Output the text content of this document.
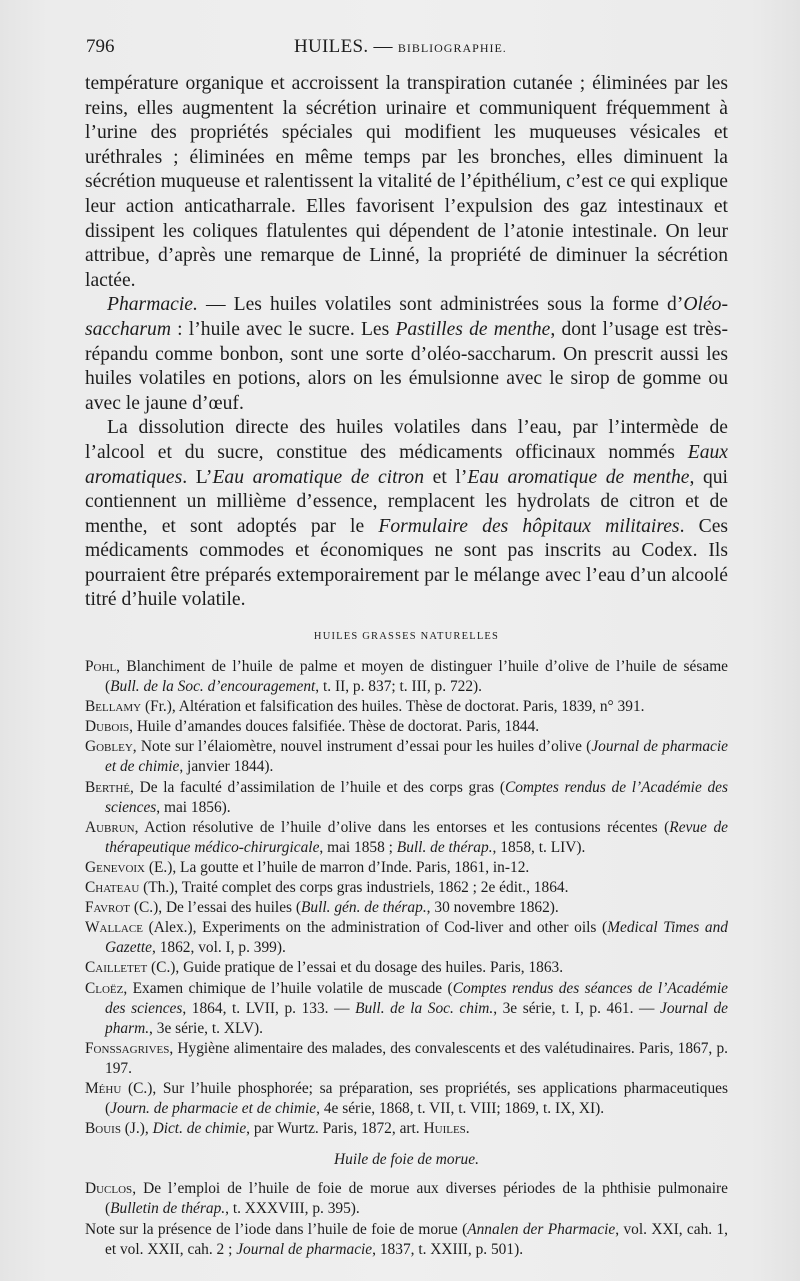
796	HUILES. — BIBLIOGRAPHIE.

température organique et accroissent la transpiration cutanée ; éliminées par les reins, elles augmentent la sécrétion urinaire et communiquent fréquemment à l’urine des propriétés spéciales qui modifient les muqueuses vésicales et uréthrales ; éliminées en même temps par les bronches, elles diminuent la sécrétion muqueuse et ralentissent la vitalité de l’épithélium, c’est ce qui explique leur action anticatharrale. Elles favorisent l’expulsion des gaz intestinaux et dissipent les coliques flatulentes qui dépendent de l’atonie intestinale. On leur attribue, d’après une remarque de Linné, la propriété de diminuer la sécrétion lactée.

Pharmacie. — Les huiles volatiles sont administrées sous la forme d’Oléo-saccharum : l’huile avec le sucre. Les Pastilles de menthe, dont l’usage est très-répandu comme bonbon, sont une sorte d’oléo-saccharum. On prescrit aussi les huiles volatiles en potions, alors on les émulsionne avec le sirop de gomme ou avec le jaune d’œuf.

La dissolution directe des huiles volatiles dans l’eau, par l’intermède de l’alcool et du sucre, constitue des médicaments officinaux nommés Eaux aromatiques. L’Eau aromatique de citron et l’Eau aromatique de menthe, qui contiennent un millième d’essence, remplacent les hydrolats de citron et de menthe, et sont adoptés par le Formulaire des hôpitaux militaires. Ces médicaments commodes et économiques ne sont pas inscrits au Codex. Ils pourraient être préparés extemporairement par le mélange avec l’eau d’un alcoolé titré d’huile volatile.

HUILES GRASSES NATURELLES

Pohl, Blanchiment de l’huile de palme et moyen de distinguer l’huile d’olive de l’huile de sésame (Bull. de la Soc. d’encouragement, t. II, p. 837; t. III, p. 722).

Bellamy (Fr.), Altération et falsification des huiles. Thèse de doctorat. Paris, 1839, n° 391.

Dubois, Huile d’amandes douces falsifiée. Thèse de doctorat. Paris, 1844.

Gobley, Note sur l’élaiomètre, nouvel instrument d’essai pour les huiles d’olive (Journal de pharmacie et de chimie, janvier 1844).

Berthé, De la faculté d’assimilation de l’huile et des corps gras (Comptes rendus de l’Académie des sciences, mai 1856).

Aubrun, Action résolutive de l’huile d’olive dans les entorses et les contusions récentes (Revue de thérapeutique médico-chirurgicale, mai 1858 ; Bull. de thérap., 1858, t. LIV).

Genevoix (E.), La goutte et l’huile de marron d’Inde. Paris, 1861, in-12.

Chateau (Th.), Traité complet des corps gras industriels, 1862 ; 2e édit., 1864.

Favrot (C.), De l’essai des huiles (Bull. gén. de thérap., 30 novembre 1862).

Wallace (Alex.), Experiments on the administration of Cod-liver and other oils (Medical Times and Gazette, 1862, vol. I, p. 399).

Cailletet (C.), Guide pratique de l’essai et du dosage des huiles. Paris, 1863.

Cloëz, Examen chimique de l’huile volatile de muscade (Comptes rendus des séances de l’Académie des sciences, 1864, t. LVII, p. 133. — Bull. de la Soc. chim., 3e série, t. I, p. 461. — Journal de pharm., 3e série, t. XLV).

Fonssagrives, Hygiène alimentaire des malades, des convalescents et des valétudinaires. Paris, 1867, p. 197.

Méhu (C.), Sur l’huile phosphorée; sa préparation, ses propriétés, ses applications pharmaceutiques (Journ. de pharmacie et de chimie, 4e série, 1868, t. VII, t. VIII; 1869, t. IX, XI).

Bouis (J.), Dict. de chimie, par Wurtz. Paris, 1872, art. Huiles.

Huile de foie de morue.

Duclos, De l’emploi de l’huile de foie de morue aux diverses périodes de la phthisie pulmonaire (Bulletin de thérap., t. XXXVIII, p. 395).

Note sur la présence de l’iode dans l’huile de foie de morue (Annalen der Pharmacie, vol. XXI, cah. 1, et vol. XXII, cah. 2 ; Journal de pharmacie, 1837, t. XXIII, p. 501).
